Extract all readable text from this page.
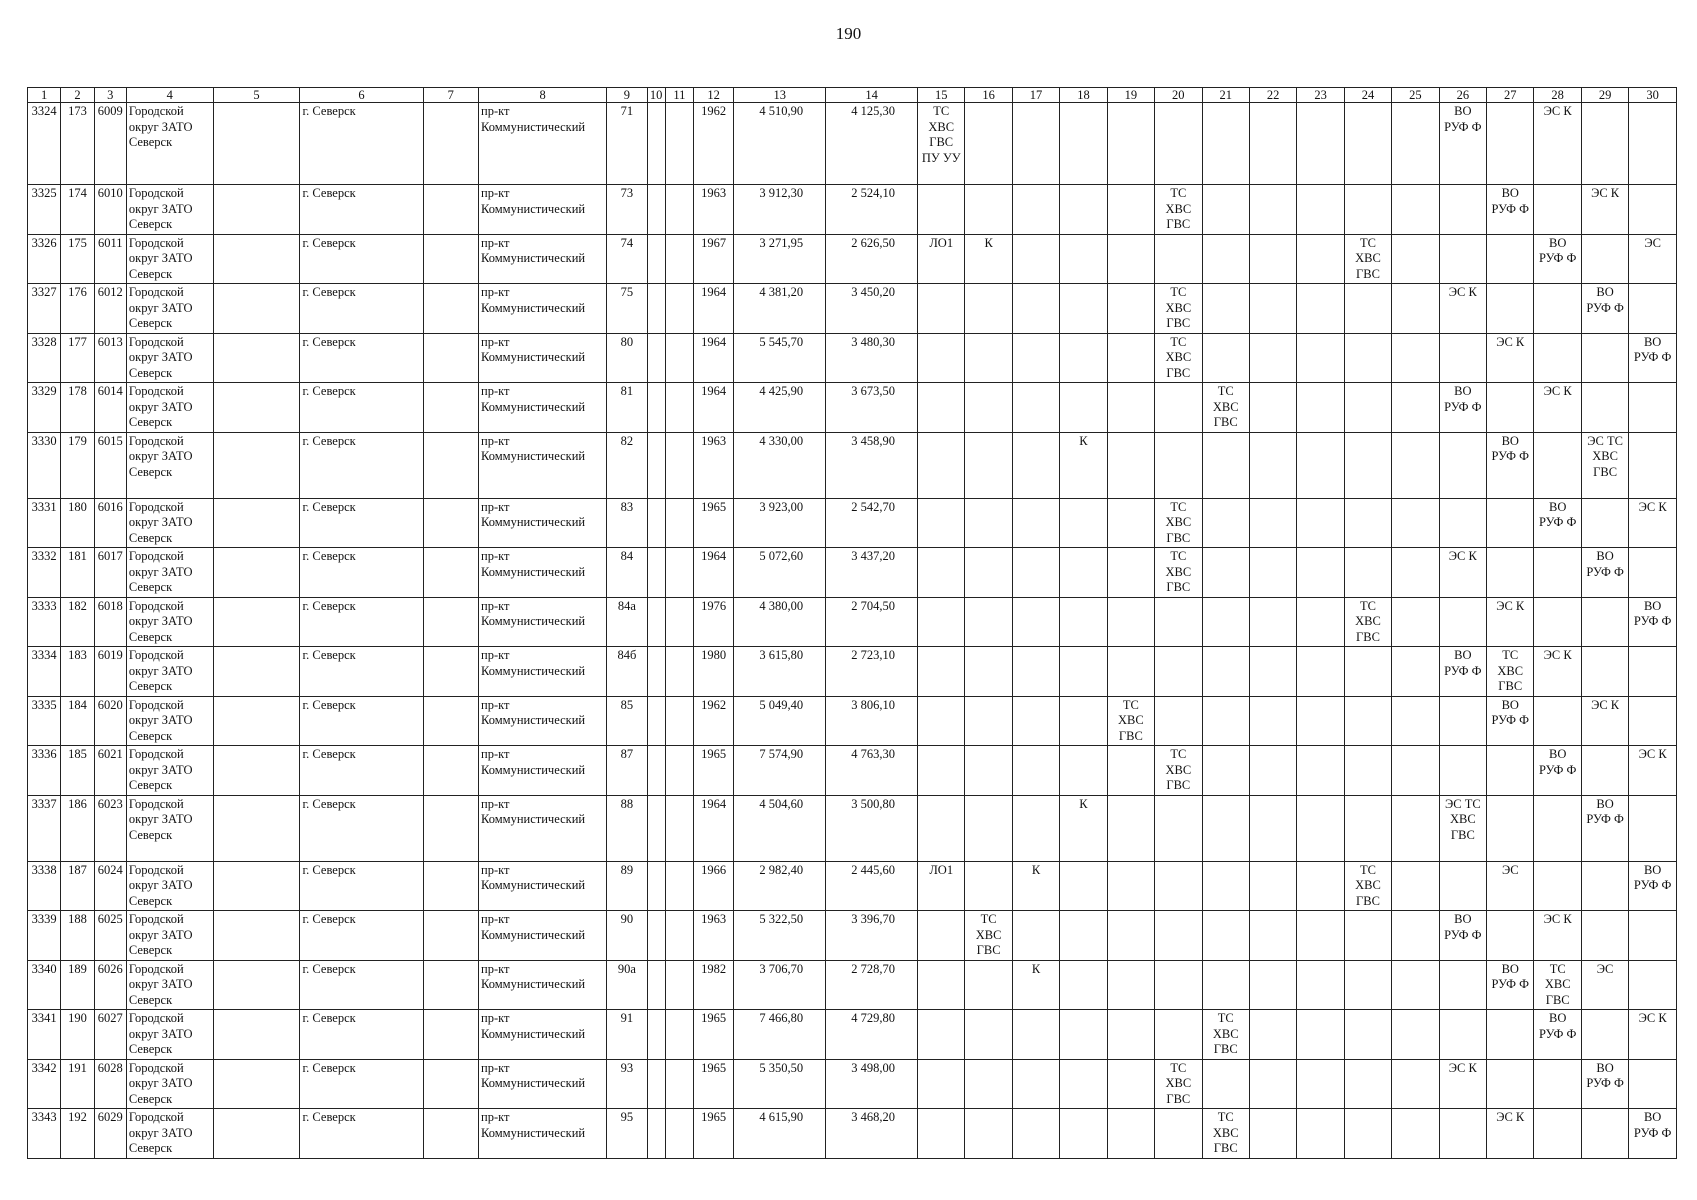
190
1	2	3	4	5	6	7	8	9	10	11	12	13	14	15	16	17	18	19	20	21	22	23	24	25	26	27	28	29	30

3324	173	6009	Городской
округ ЗАТО
Северск		г. Северск		пр-кт
Коммунистический	71			1962	4 510,90	4 125,30	ТС
ХВС
ГВС
ПУ УУ											ВО
РУФ Ф		ЭС К		

3325	174	6010	Городской
округ ЗАТО
Северск		г. Северск		пр-кт
Коммунистический	73			1963	3 912,30	2 524,10						ТС
ХВС
ГВС							ВО
РУФ Ф		ЭС К	

3326	175	6011	Городской
округ ЗАТО
Северск		г. Северск		пр-кт
Коммунистический	74			1967	3 271,95	2 626,50	ЛО1	К								ТС
ХВС
ГВС				ВО
РУФ Ф		ЭС

3327	176	6012	Городской
округ ЗАТО
Северск		г. Северск		пр-кт
Коммунистический	75			1964	4 381,20	3 450,20						ТС
ХВС
ГВС						ЭС К			ВО
РУФ Ф	

3328	177	6013	Городской
округ ЗАТО
Северск		г. Северск		пр-кт
Коммунистический	80			1964	5 545,70	3 480,30						ТС
ХВС
ГВС							ЭС К			ВО
РУФ Ф

3329	178	6014	Городской
округ ЗАТО
Северск		г. Северск		пр-кт
Коммунистический	81			1964	4 425,90	3 673,50							ТС
ХВС
ГВС					ВО
РУФ Ф		ЭС К		

3330	179	6015	Городской
округ ЗАТО
Северск		г. Северск		пр-кт
Коммунистический	82			1963	4 330,00	3 458,90				К									ВО
РУФ Ф		ЭС ТС
ХВС
ГВС	

3331	180	6016	Городской
округ ЗАТО
Северск		г. Северск		пр-кт
Коммунистический	83			1965	3 923,00	2 542,70						ТС
ХВС
ГВС								ВО
РУФ Ф		ЭС К

3332	181	6017	Городской
округ ЗАТО
Северск		г. Северск		пр-кт
Коммунистический	84			1964	5 072,60	3 437,20						ТС
ХВС
ГВС						ЭС К			ВО
РУФ Ф	

3333	182	6018	Городской
округ ЗАТО
Северск		г. Северск		пр-кт
Коммунистический	84а			1976	4 380,00	2 704,50										ТС
ХВС
ГВС			ЭС К			ВО
РУФ Ф

3334	183	6019	Городской
округ ЗАТО
Северск		г. Северск		пр-кт
Коммунистический	84б			1980	3 615,80	2 723,10												ВО
РУФ Ф	ТС
ХВС
ГВС	ЭС К		

3335	184	6020	Городской
округ ЗАТО
Северск		г. Северск		пр-кт
Коммунистический	85			1962	5 049,40	3 806,10					ТС
ХВС
ГВС								ВО
РУФ Ф		ЭС К	

3336	185	6021	Городской
округ ЗАТО
Северск		г. Северск		пр-кт
Коммунистический	87			1965	7 574,90	4 763,30						ТС
ХВС
ГВС								ВО
РУФ Ф		ЭС К

3337	186	6023	Городской
округ ЗАТО
Северск		г. Северск		пр-кт
Коммунистический	88			1964	4 504,60	3 500,80				К								ЭС ТС
ХВС
ГВС			ВО
РУФ Ф	

3338	187	6024	Городской
округ ЗАТО
Северск		г. Северск		пр-кт
Коммунистический	89			1966	2 982,40	2 445,60	ЛО1		К							ТС
ХВС
ГВС			ЭС			ВО
РУФ Ф

3339	188	6025	Городской
округ ЗАТО
Северск		г. Северск		пр-кт
Коммунистический	90			1963	5 322,50	3 396,70		ТС
ХВС
ГВС										ВО
РУФ Ф		ЭС К		

3340	189	6026	Городской
округ ЗАТО
Северск		г. Северск		пр-кт
Коммунистический	90а			1982	3 706,70	2 728,70			К										ВО
РУФ Ф	ТС
ХВС
ГВС	ЭС	

3341	190	6027	Городской
округ ЗАТО
Северск		г. Северск		пр-кт
Коммунистический	91			1965	7 466,80	4 729,80							ТС
ХВС
ГВС							ВО
РУФ Ф		ЭС К

3342	191	6028	Городской
округ ЗАТО
Северск		г. Северск		пр-кт
Коммунистический	93			1965	5 350,50	3 498,00						ТС
ХВС
ГВС						ЭС К			ВО
РУФ Ф	

3343	192	6029	Городской
округ ЗАТО
Северск		г. Северск		пр-кт
Коммунистический	95			1965	4 615,90	3 468,20							ТС
ХВС
ГВС						ЭС К			ВО
РУФ Ф
